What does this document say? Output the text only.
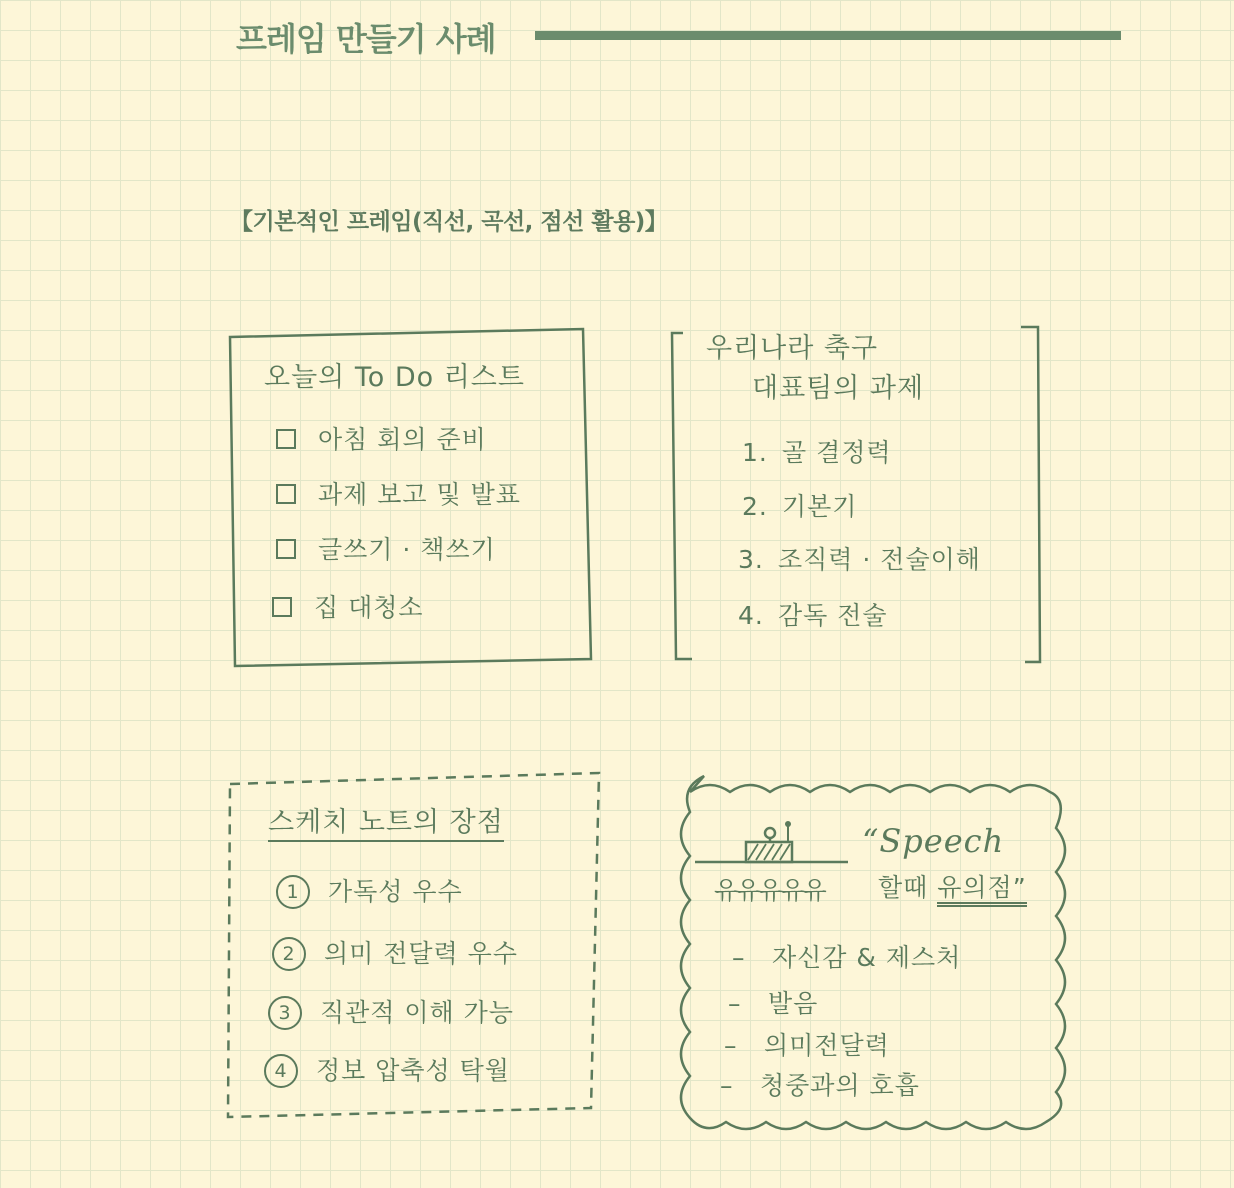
프레임 만들기 사례
【기본적인 프레임(직선, 곡선, 점선 활용)】
오늘의 To Do 리스트
아침 회의 준비
과제 보고 및 발표
글쓰기 · 책쓰기
집 대청소
우리나라 축구
대표팀의 과제
1. 골 결정력
2. 기본기
3. 조직력 · 전술이해
4. 감독 전술
스케치 노트의 장점
1 가독성 우수
2 의미 전달력 우수
3 직관적 이해 가능
4 정보 압축성 탁월
“Speech
유유유유유 할때 유의점”
– 자신감 & 제스처
– 발음
– 의미전달력
– 청중과의 호흡
